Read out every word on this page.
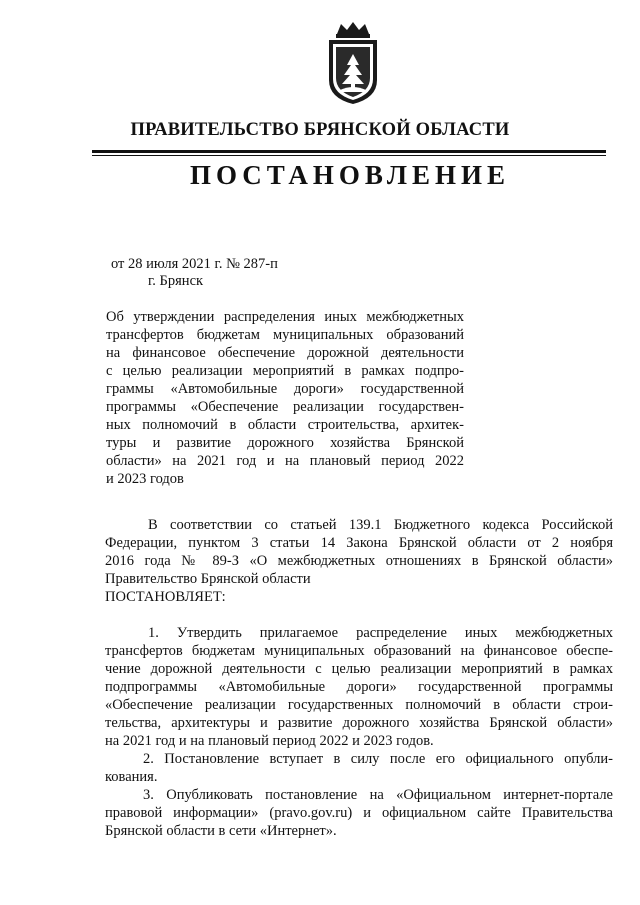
ПРАВИТЕЛЬСТВО БРЯНСКОЙ ОБЛАСТИ
ПОСТАНОВЛЕНИЕ
от 28 июля 2021 г. № 287-п
г. Брянск
Об утверждении распределения иных межбюджетных
трансфертов бюджетам муниципальных образований
на финансовое обеспечение дорожной деятельности
с целью реализации мероприятий в рамках подпро-
граммы «Автомобильные дороги» государственной
программы «Обеспечение реализации государствен-
ных полномочий в области строительства, архитек-
туры и развитие дорожного хозяйства Брянской
области» на 2021 год и на плановый период 2022
и 2023 годов
В соответствии со статьей 139.1 Бюджетного кодекса Российской
Федерации, пунктом 3 статьи 14 Закона Брянской области от 2 ноября
2016 года № 89-З «О межбюджетных отношениях в Брянской области»
Правительство Брянской области
ПОСТАНОВЛЯЕТ:
1. Утвердить прилагаемое распределение иных межбюджетных
трансфертов бюджетам муниципальных образований на финансовое обеспе-
чение дорожной деятельности с целью реализации мероприятий в рамках
подпрограммы «Автомобильные дороги» государственной программы
«Обеспечение реализации государственных полномочий в области строи-
тельства, архитектуры и развитие дорожного хозяйства Брянской области»
на 2021 год и на плановый период 2022 и 2023 годов.
2. Постановление вступает в силу после его официального опубли-
кования.
3. Опубликовать постановление на «Официальном интернет-портале
правовой информации» (pravo.gov.ru) и официальном сайте Правительства
Брянской области в сети «Интернет».
